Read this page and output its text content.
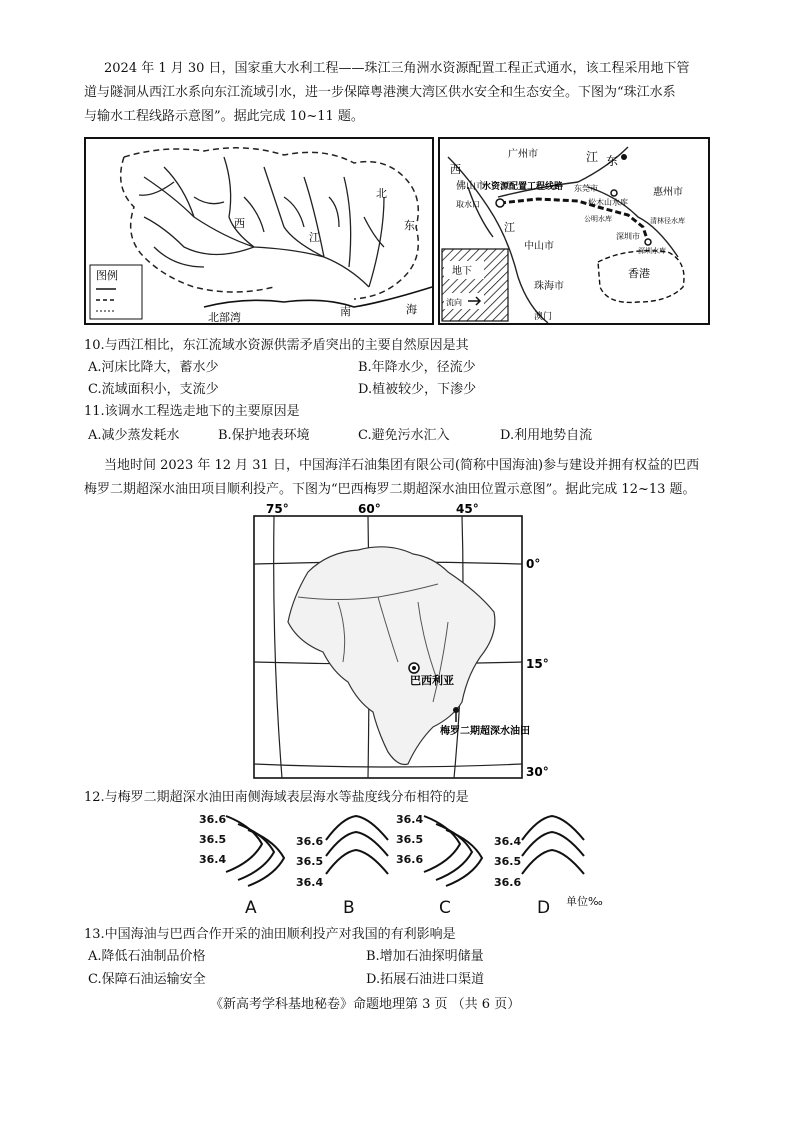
2024 年 1 月 30 日，国家重大水利工程——珠江三角洲水资源配置工程正式通水，该工程采用地下管
道与隧洞从西江水系向东江流域引水，进一步保障粤港澳大湾区供水安全和生态安全。下图为“珠江水系
与输水工程线路示意图”。据此完成 10~11 题。
图例
西
江
北
东
北部湾	南	海
西
佛山市
广州市	江 东
惠州市
水资源配置工程线路 东莞市
取水口	松木山水库
江
中山市
深圳市
清林径水库
公明水库
深圳水库
香港
地下
流向
珠海市
澳门
10.与西江相比，东江流域水资源供需矛盾突出的主要自然原因是其
A.河床比降大，蓄水少	B.年降水少，径流少
C.流域面积小，支流少	D.植被较少，下渗少
11.该调水工程选走地下的主要原因是
A.减少蒸发耗水	B.保护地表环境	C.避免污水汇入	D.利用地势自流
当地时间 2023 年 12 月 31 日，中国海洋石油集团有限公司(简称中国海油)参与建设并拥有权益的巴西
梅罗二期超深水油田项目顺利投产。下图为“巴西梅罗二期超深水油田位置示意图”。据此完成 12~13 题。
75°	60°	45°
0°
15°
30°
巴西利亚
梅罗二期超深水油田
12.与梅罗二期超深水油田南侧海域表层海水等盐度线分布相符的是
36.6
36.5
36.4
36.6
36.5
36.4
36.4
36.5
36.6
36.4
36.5
36.6
单位‰
A	B	C	D
13.中国海油与巴西合作开采的油田顺利投产对我国的有利影响是
A.降低石油制品价格	B.增加石油探明储量
C.保障石油运输安全	D.拓展石油进口渠道
《新高考学科基地秘卷》命题地理第 3 页 （共 6 页）
